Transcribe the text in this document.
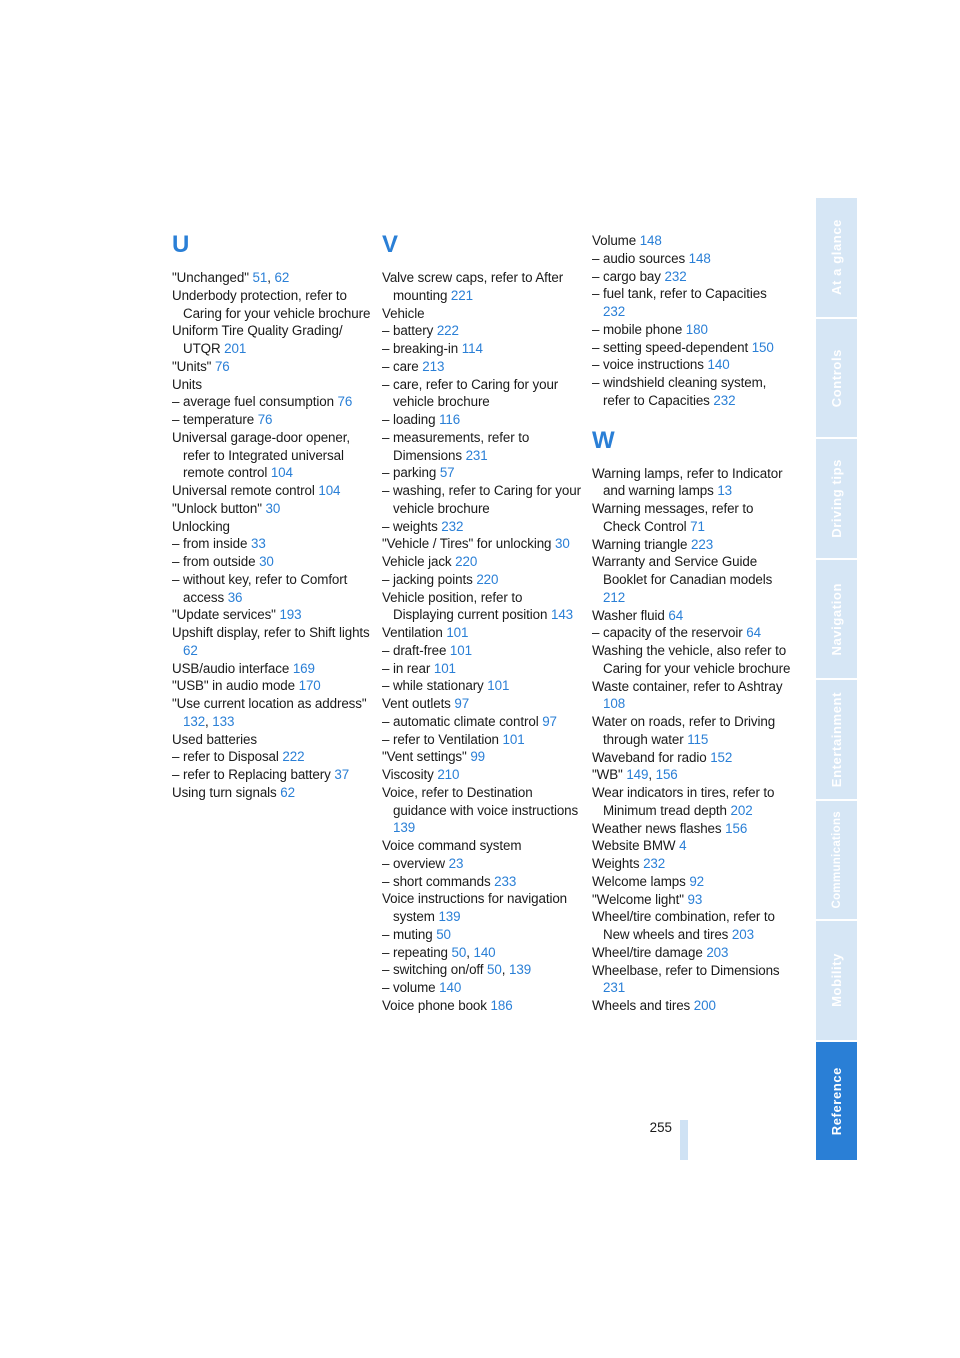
U
"Unchanged" 51, 62
Underbody protection, refer to Caring for your vehicle brochure
Uniform Tire Quality Grading/ UTQR 201
"Units" 76
Units
– average fuel consumption 76
– temperature 76
Universal garage-door opener, refer to Integrated universal remote control 104
Universal remote control 104
"Unlock button" 30
Unlocking
– from inside 33
– from outside 30
– without key, refer to Comfort access 36
"Update services" 193
Upshift display, refer to Shift lights 62
USB/audio interface 169
"USB" in audio mode 170
"Use current location as address" 132, 133
Used batteries
– refer to Disposal 222
– refer to Replacing battery 37
Using turn signals 62
V
Valve screw caps, refer to After mounting 221
Vehicle
– battery 222
– breaking-in 114
– care 213
– care, refer to Caring for your vehicle brochure
– loading 116
– measurements, refer to Dimensions 231
– parking 57
– washing, refer to Caring for your vehicle brochure
– weights 232
"Vehicle / Tires" for unlocking 30
Vehicle jack 220
– jacking points 220
Vehicle position, refer to Displaying current position 143
Ventilation 101
– draft-free 101
– in rear 101
– while stationary 101
Vent outlets 97
– automatic climate control 97
– refer to Ventilation 101
"Vent settings" 99
Viscosity 210
Voice, refer to Destination guidance with voice instructions 139
Voice command system
– overview 23
– short commands 233
Voice instructions for navigation system 139
– muting 50
– repeating 50, 140
– switching on/off 50, 139
– volume 140
Voice phone book 186
Volume 148
– audio sources 148
– cargo bay 232
– fuel tank, refer to Capacities 232
– mobile phone 180
– setting speed-dependent 150
– voice instructions 140
– windshield cleaning system, refer to Capacities 232
W
Warning lamps, refer to Indicator and warning lamps 13
Warning messages, refer to Check Control 71
Warning triangle 223
Warranty and Service Guide Booklet for Canadian models 212
Washer fluid 64
– capacity of the reservoir 64
Washing the vehicle, also refer to Caring for your vehicle brochure
Waste container, refer to Ashtray 108
Water on roads, refer to Driving through water 115
Waveband for radio 152
"WB" 149, 156
Wear indicators in tires, refer to Minimum tread depth 202
Weather news flashes 156
Website BMW 4
Weights 232
Welcome lamps 92
"Welcome light" 93
Wheel/tire combination, refer to New wheels and tires 203
Wheel/tire damage 203
Wheelbase, refer to Dimensions 231
Wheels and tires 200
255
At a glance
Controls
Driving tips
Navigation
Entertainment
Communications
Mobility
Reference
